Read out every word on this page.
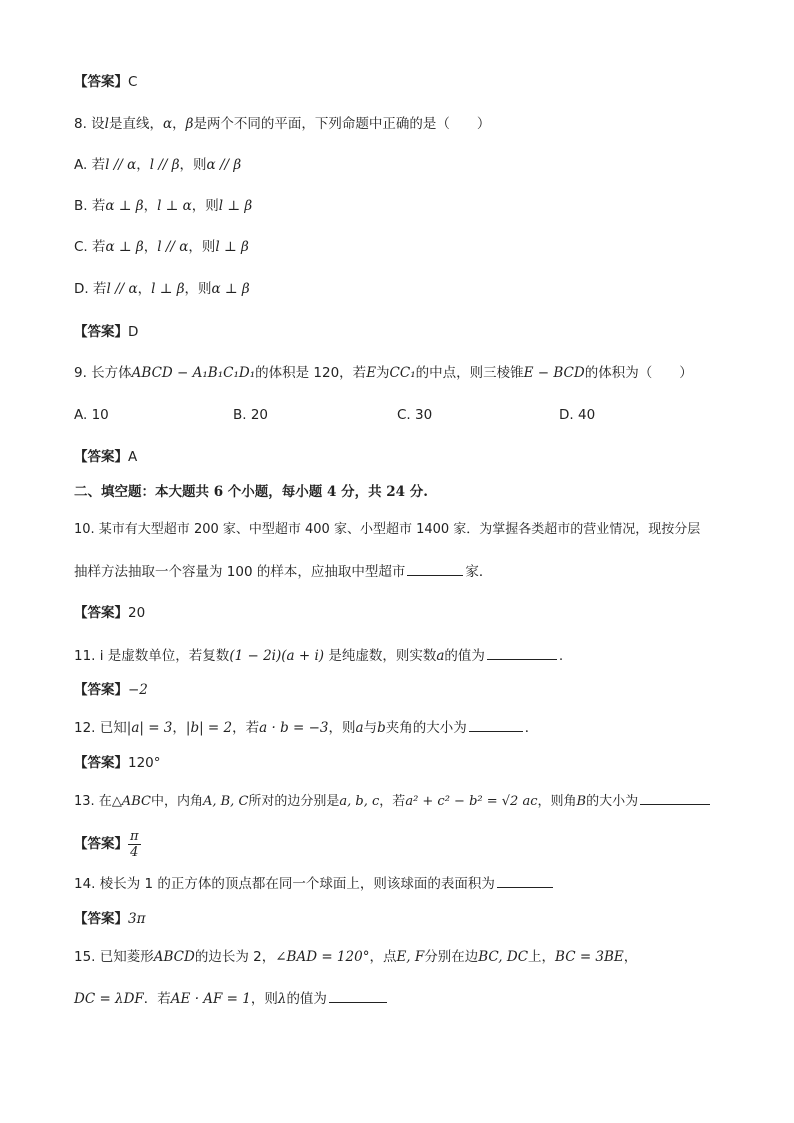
【答案】C
8. 设l是直线，α，β是两个不同的平面，下列命题中正确的是（　　）
A. 若l // α，l // β，则α // β
B. 若α ⊥ β，l ⊥ α，则l ⊥ β
C. 若α ⊥ β，l // α，则l ⊥ β
D. 若l // α，l ⊥ β，则α ⊥ β
【答案】D
9. 长方体ABCD − A₁B₁C₁D₁的体积是 120，若E为CC₁的中点，则三棱锥E − BCD的体积为（　　）
A. 10	B. 20	C. 30	D. 40
【答案】A
二、填空题：本大题共 6 个小题，每小题 4 分，共 24 分.
10. 某市有大型超市 200 家、中型超市 400 家、小型超市 1400 家．为掌握各类超市的营业情况，现按分层
抽样方法抽取一个容量为 100 的样本，应抽取中型超市	家．
【答案】20
11. i 是虚数单位，若复数(1 − 2i)(a + i) 是纯虚数，则实数a的值为	.
【答案】−2
12. 已知|a| = 3，|b| = 2，若a · b = −3，则a与b夹角的大小为	．
【答案】120°
13. 在△ABC中，内角A, B, C所对的边分别是a, b, c，若a² + c² − b² = √2 ac，则角B的大小为
【答案】 $\frac{\pi}{4}$
14. 棱长为 1 的正方体的顶点都在同一个球面上，则该球面的表面积为
【答案】3π
15. 已知菱形ABCD的边长为 2，∠BAD = 120°，点E, F分别在边BC, DC上，BC = 3BE，
DC = λDF．若AE · AF = 1，则λ的值为
